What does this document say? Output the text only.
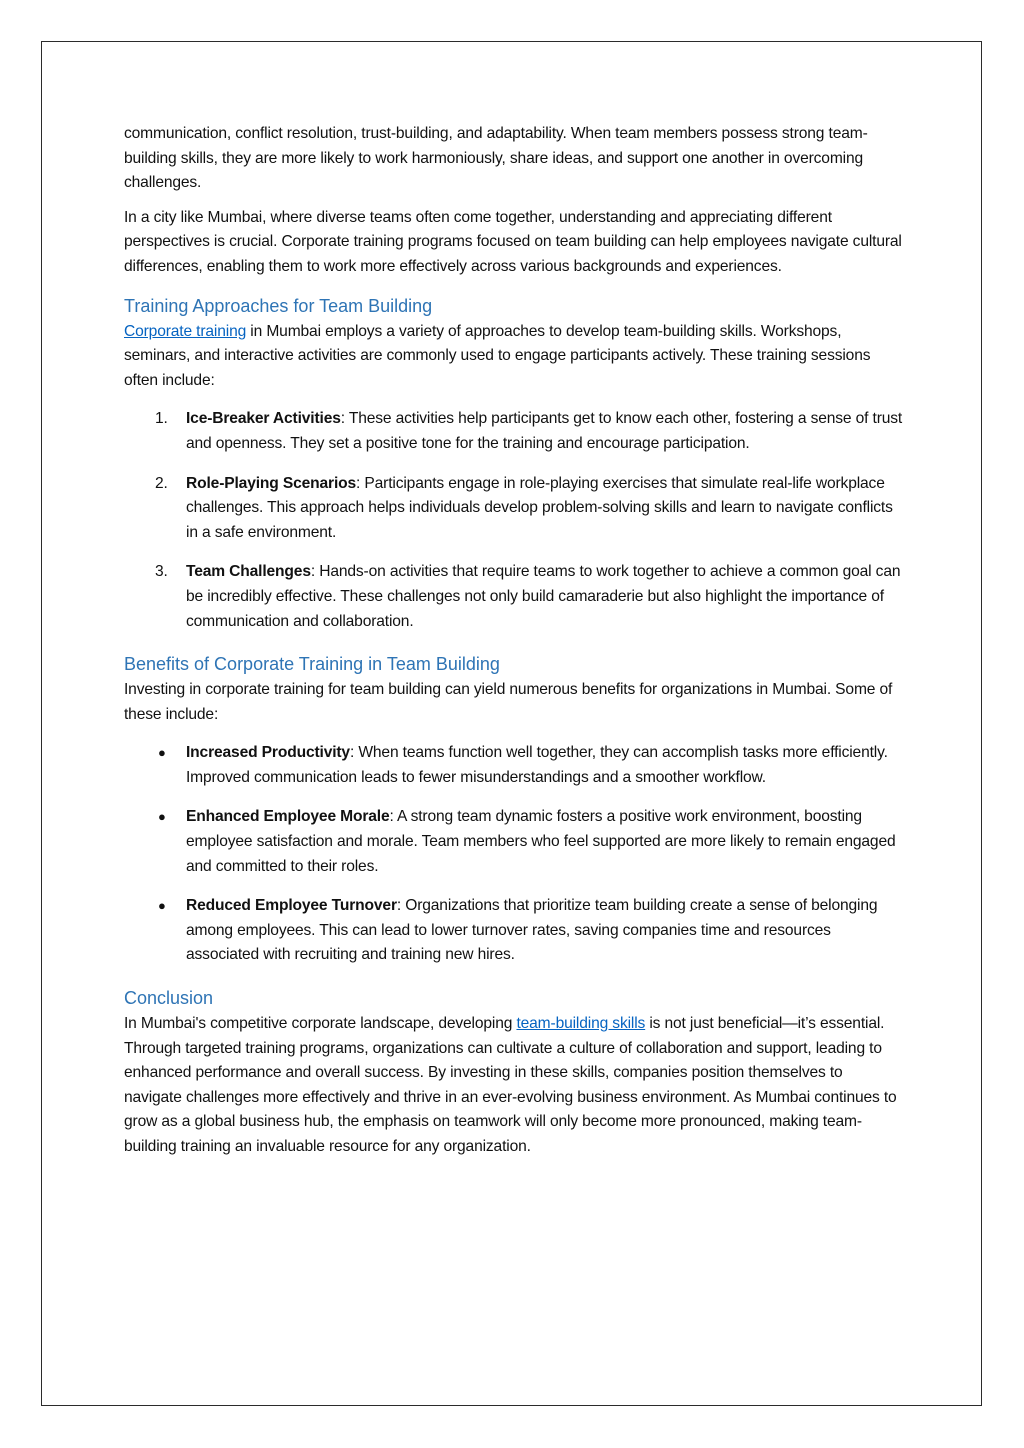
communication, conflict resolution, trust-building, and adaptability. When team members possess strong team-building skills, they are more likely to work harmoniously, share ideas, and support one another in overcoming challenges.

In a city like Mumbai, where diverse teams often come together, understanding and appreciating different perspectives is crucial. Corporate training programs focused on team building can help employees navigate cultural differences, enabling them to work more effectively across various backgrounds and experiences.

Training Approaches for Team Building

Corporate training in Mumbai employs a variety of approaches to develop team-building skills. Workshops, seminars, and interactive activities are commonly used to engage participants actively. These training sessions often include:

1. Ice-Breaker Activities: These activities help participants get to know each other, fostering a sense of trust and openness. They set a positive tone for the training and encourage participation.
2. Role-Playing Scenarios: Participants engage in role-playing exercises that simulate real-life workplace challenges. This approach helps individuals develop problem-solving skills and learn to navigate conflicts in a safe environment.
3. Team Challenges: Hands-on activities that require teams to work together to achieve a common goal can be incredibly effective. These challenges not only build camaraderie but also highlight the importance of communication and collaboration.
Benefits of Corporate Training in Team Building

Investing in corporate training for team building can yield numerous benefits for organizations in Mumbai. Some of these include:

● Increased Productivity: When teams function well together, they can accomplish tasks more efficiently. Improved communication leads to fewer misunderstandings and a smoother workflow.
● Enhanced Employee Morale: A strong team dynamic fosters a positive work environment, boosting employee satisfaction and morale. Team members who feel supported are more likely to remain engaged and committed to their roles.
● Reduced Employee Turnover: Organizations that prioritize team building create a sense of belonging among employees. This can lead to lower turnover rates, saving companies time and resources associated with recruiting and training new hires.
Conclusion

In Mumbai's competitive corporate landscape, developing team-building skills is not just beneficial—it’s essential. Through targeted training programs, organizations can cultivate a culture of collaboration and support, leading to enhanced performance and overall success. By investing in these skills, companies position themselves to navigate challenges more effectively and thrive in an ever-evolving business environment. As Mumbai continues to grow as a global business hub, the emphasis on teamwork will only become more pronounced, making team-building training an invaluable resource for any organization.
